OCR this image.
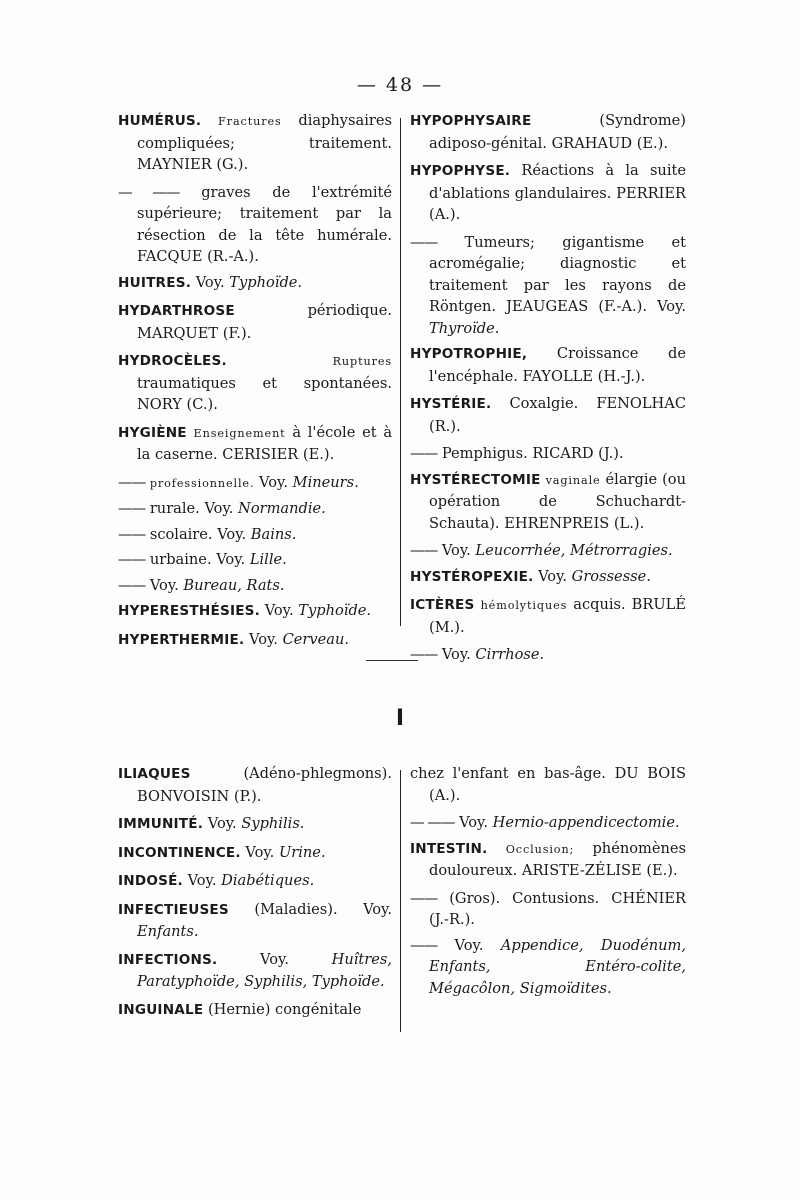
— 48 —
HUMÉRUS. Fractures diaphysaires compliquées; traitement. MAYNIER (G.).
— —— graves de l'extrémité supérieure; traitement par la résection de la tête humérale. FACQUE (R.-A.).
HUITRES. Voy. Typhoïde.
HYDARTHROSE	périodique. MARQUET (F.).
HYDROCÈLES.	Ruptures traumatiques et spontanées. NORY (C.).
HYGIÈNE Enseignement à l'école et à la caserne. CERISIER (E.).
—— professionnelle. Voy. Mineurs.
—— rurale. Voy. Normandie.
—— scolaire. Voy. Bains.
—— urbaine. Voy. Lille.
—— Voy. Bureau, Rats.
HYPERESTHÉSIES. Voy. Typhoïde.
HYPERTHERMIE. Voy. Cerveau.
HYPOPHYSAIRE	(Syndrome) adiposo-génital. GRAHAUD (E.).
HYPOPHYSE. Réactions à la suite d'ablations glandulaires. PERRIER (A.).
—— Tumeurs; gigantisme et acromégalie; diagnostic et traitement par les rayons de Röntgen. JEAUGEAS (F.-A.). Voy. Thyroïde.
HYPOTROPHIE, Croissance de l'encéphale. FAYOLLE (H.-J.).
HYSTÉRIE. Coxalgie. FENOLHAC (R.).
—— Pemphigus. RICARD (J.).
HYSTÉRECTOMIE vaginale élargie (ou opération de Schuchardt-Schauta). EHRENPREIS (L.).
—— Voy. Leucorrhée, Métrorragies.
HYSTÉROPEXIE. Voy. Grossesse.
ICTÈRES hémolytiques acquis. BRULÉ (M.).
—— Voy. Cirrhose.
I
ILIAQUES	(Adéno-phlegmons). BONVOISIN (P.).
IMMUNITÉ. Voy. Syphilis.
INCONTINENCE. Voy. Urine.
INDOSÉ. Voy. Diabétiques.
INFECTIEUSES (Maladies). Voy. Enfants.
INFECTIONS.	Voy.	Huîtres, Paratyphoïde, Syphilis, Typhoïde.
INGUINALE (Hernie) congénitale
chez l'enfant en bas-âge. DU BOIS (A.).
— —— Voy. Hernio-appendicectomie.
INTESTIN. Occlusion; phénomènes douloureux. ARISTE-ZÉLISE (E.).
—— (Gros). Contusions. CHÉNIER (J.-R.).
—— Voy. Appendice, Duodénum, Enfants, Entéro-colite, Mégacôlon, Sigmoïdites.
